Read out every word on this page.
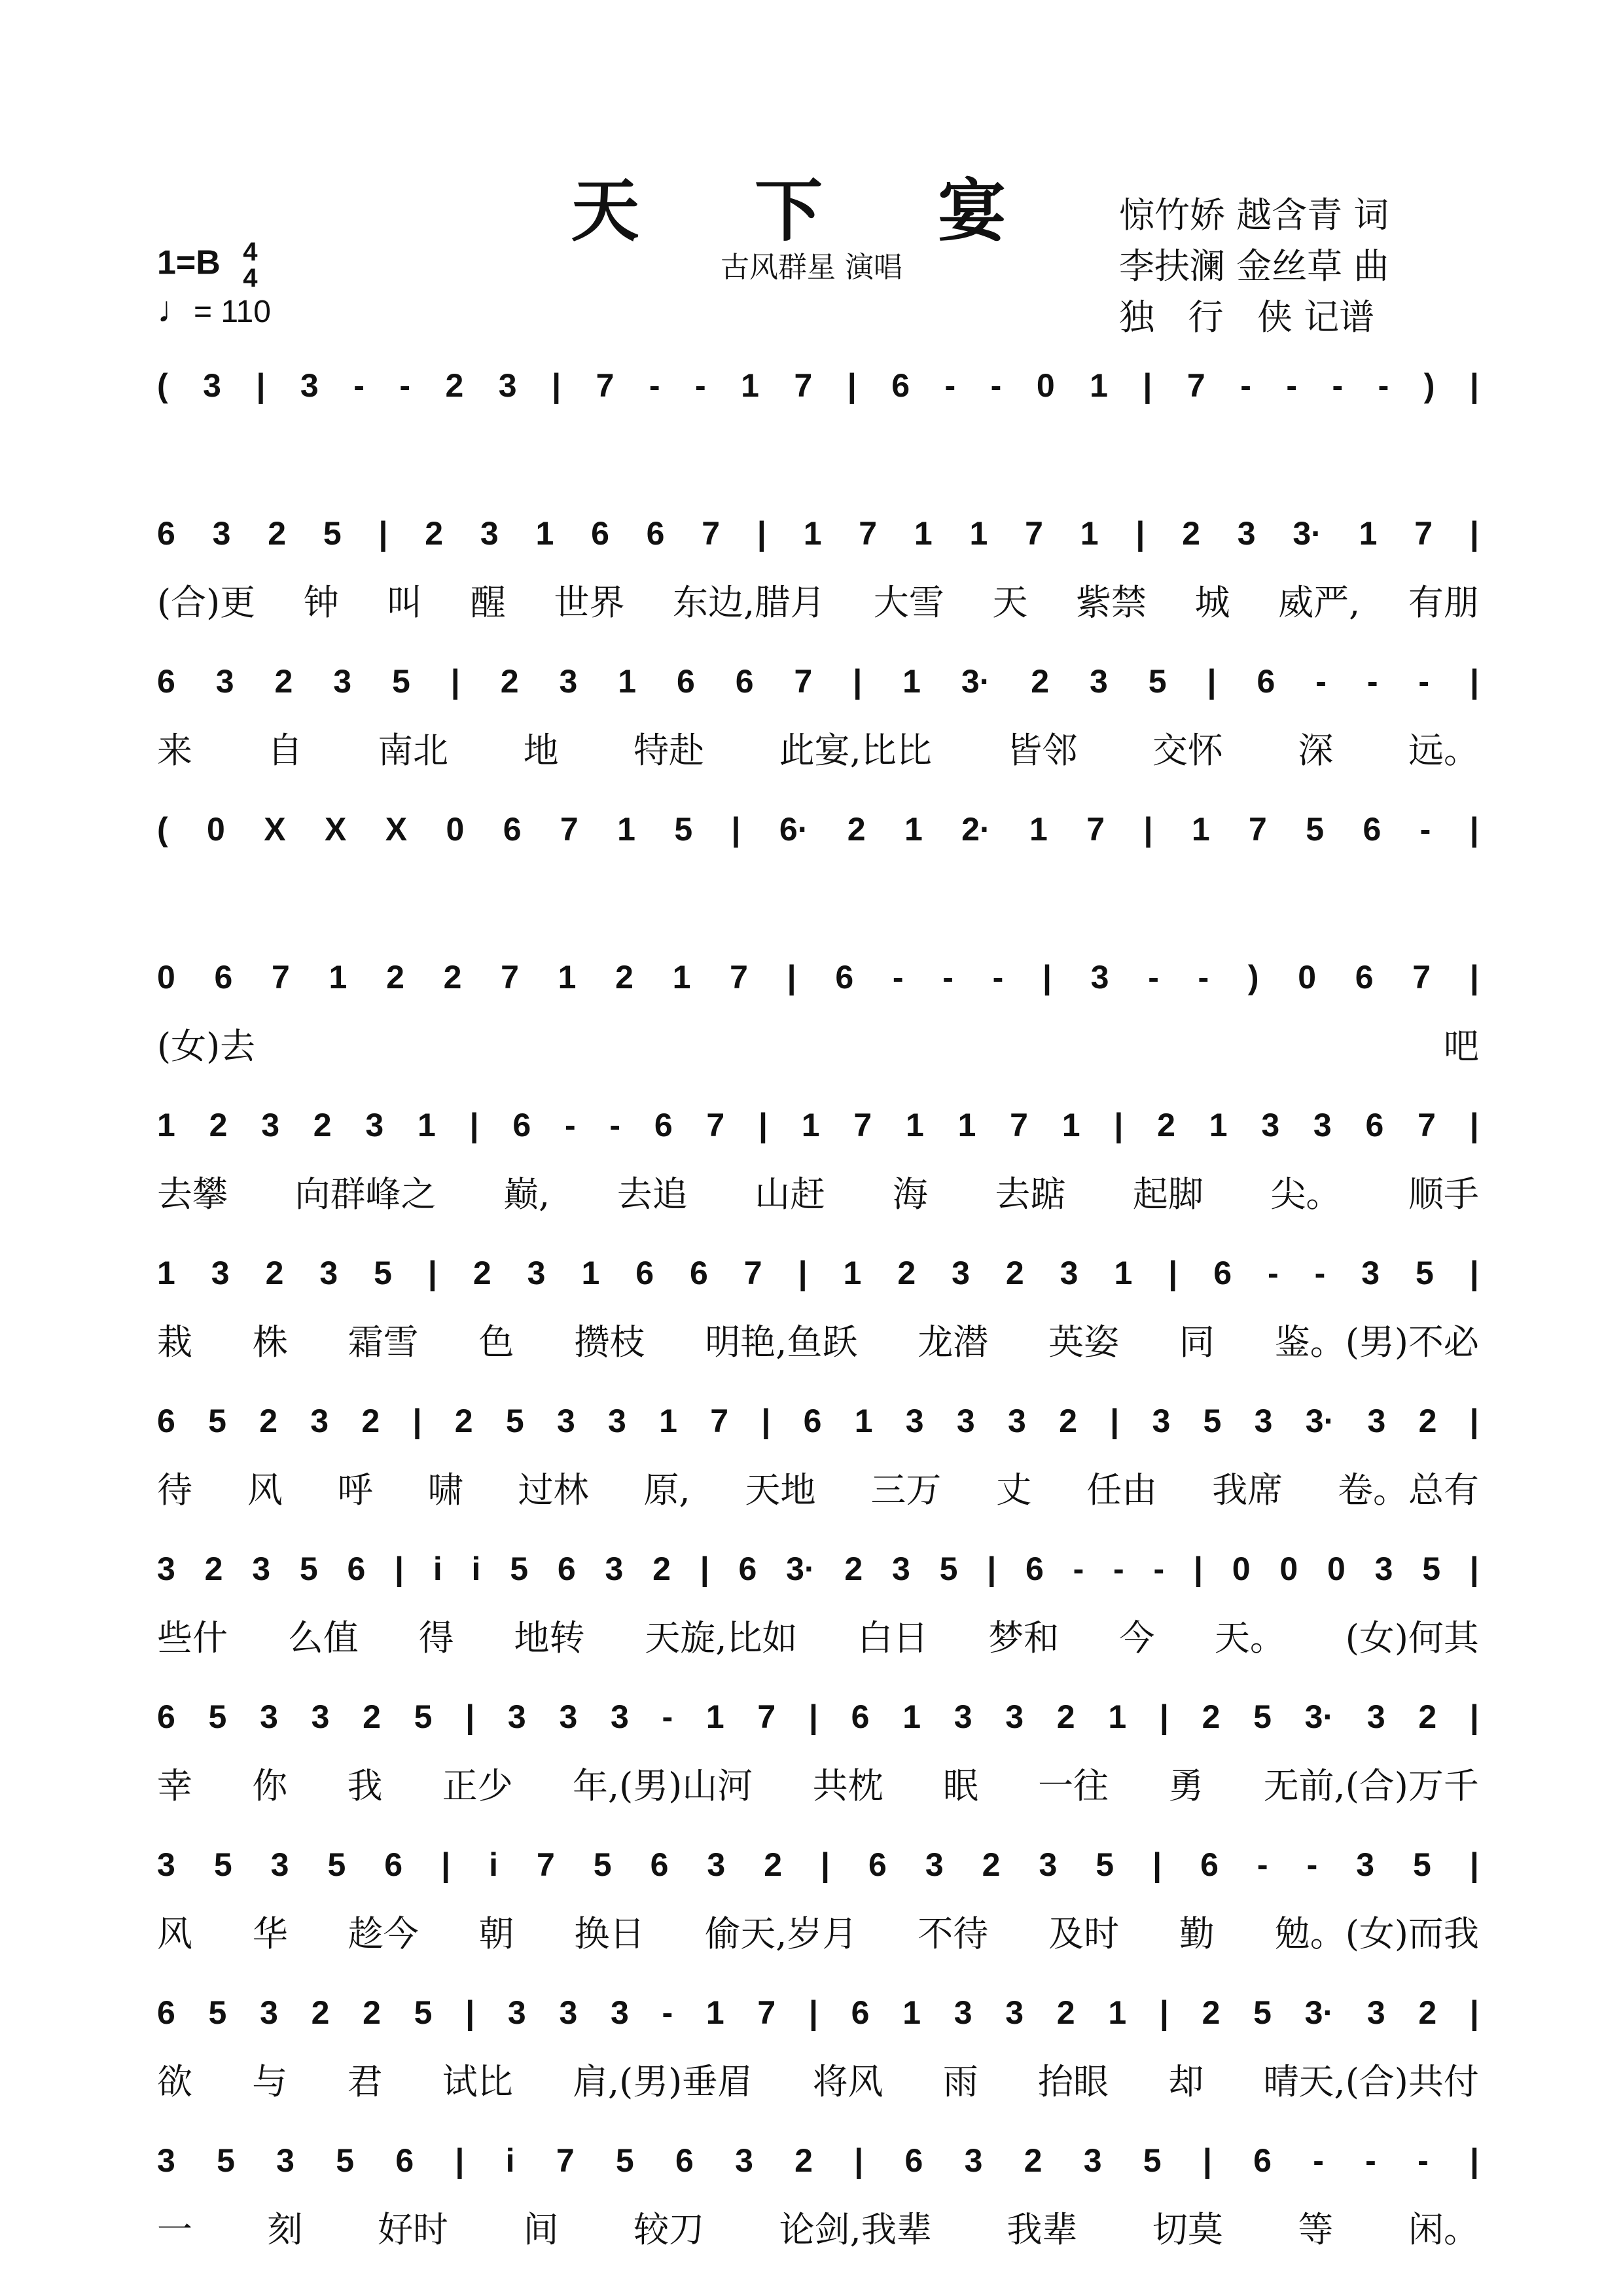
天 下 宴
古风群星 演唱
惊竹娇 越含青 词
李扶澜 金丝草 曲
独   行   侠 记谱
1=B 4
4
♩= 110
( 3 | 3 - - 2 3 | 7 - - 1 7 | 6 - - 0 1 | 7 - - - - ) |
6 3 2 5 | 2 3 1 6 6 7 | 1 7 1 1 7 1 | 2 3 3· 1 7 |
(合)更 钟 叫 醒 世界 东边,腊月 大雪 天 紫禁 城 威严, 有朋
6 3 2 3 5 | 2 3 1 6 6 7 | 1 3· 2 3 5 | 6 - - - |
来 自 南北 地 特赴 此宴,比比 皆邻 交怀 深 远。
( 0 X X X 0 6 7 1 5 | 6· 2 1 2· 1 7 | 1 7 5 6 - |
0 6 7 1 2 2 7 1 2 1 7 | 6 - - - | 3 - - ) 0 6 7 |
(女)去	吧
1 2 3 2 3 1 | 6 - - 6 7 | 1 7 1 1 7 1 | 2 1 3 3 6 7 |
去攀 向群峰之 巅, 去追 山赶 海 去踮 起脚 尖。 顺手
1 3 2 3 5 | 2 3 1 6 6 7 | 1 2 3 2 3 1 | 6 - - 3 5 |
栽 株 霜雪 色 攒枝 明艳,鱼跃 龙潜 英姿 同 鉴。(男)不必
6 5 2 3 2 | 2 5 3 3 1 7 | 6 1 3 3 3 2 | 3 5 3 3· 3 2 |
待 风 呼 啸 过林 原, 天地 三万 丈 任由 我席 卷。总有
3 2 3 5 6 | i i 5 6 3 2 | 6 3· 2 3 5 | 6 - - - | 0 0 0 3 5 |
些什 么值 得 地转 天旋,比如 白日 梦和 今 天。 (女)何其
6 5 3 3 2 5 | 3 3 3 - 1 7 | 6 1 3 3 2 1 | 2 5 3· 3 2 |
幸 你 我 正少 年,(男)山河 共枕 眠 一往 勇 无前,(合)万千
3 5 3 5 6 | i 7 5 6 3 2 | 6 3 2 3 5 | 6 - - 3 5 |
风 华 趁今 朝 换日 偷天,岁月 不待 及时 勤 勉。(女)而我
6 5 3 2 2 5 | 3 3 3 - 1 7 | 6 1 3 3 2 1 | 2 5 3· 3 2 |
欲 与 君 试比 肩,(男)垂眉 将风 雨 抬眼 却 晴天,(合)共付
3 5 3 5 6 | i 7 5 6 3 2 | 6 3 2 3 5 | 6 - - - |
一 刻 好时 间 较刀 论剑,我辈 我辈 切莫 等 闲。
